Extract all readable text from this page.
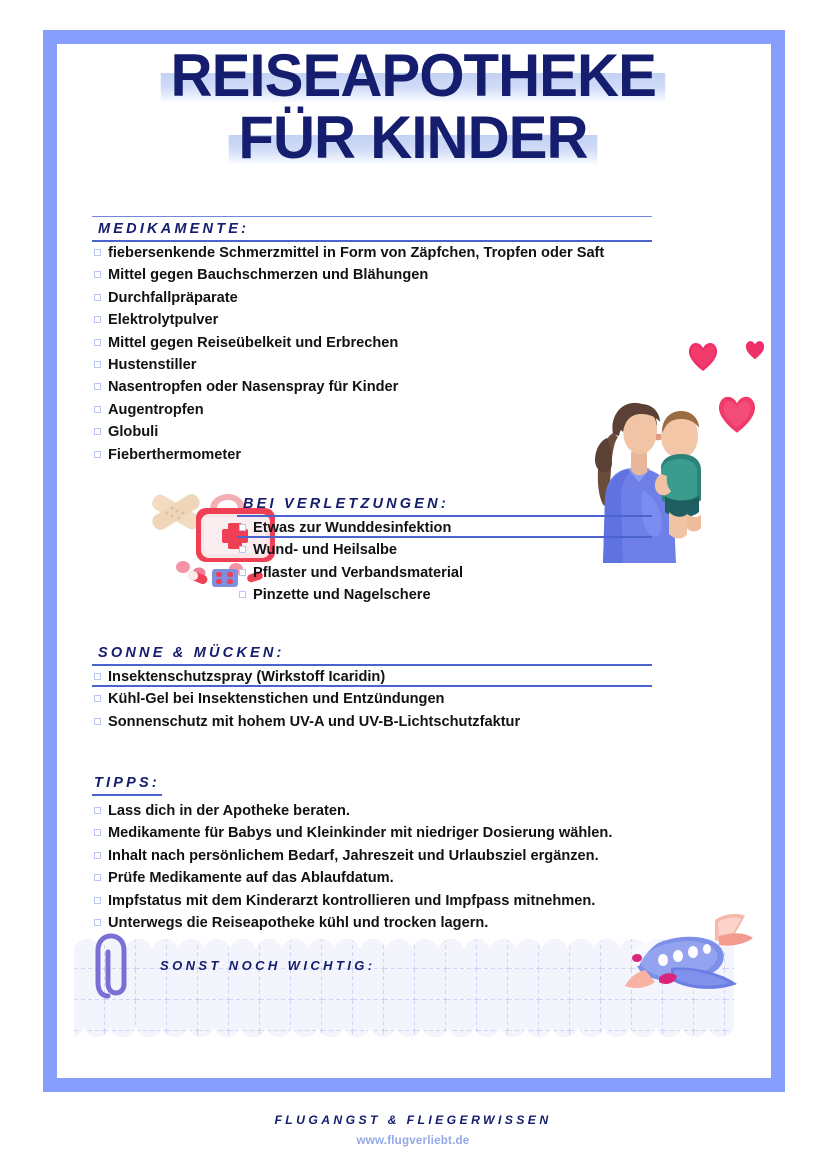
REISEAPOTHEKE

FÜR KINDER
MEDIKAMENTE:
fiebersenkende Schmerzmittel in Form von Zäpfchen, Tropfen oder Saft
Mittel gegen Bauchschmerzen und Blähungen
Durchfallpräparate
Elektrolytpulver
Mittel gegen Reiseübelkeit und Erbrechen
Hustenstiller
Nasentropfen oder Nasenspray für Kinder
Augentropfen
Globuli
Fieberthermometer
BEI VERLETZUNGEN:
Etwas zur Wunddesinfektion
Wund- und Heilsalbe
Pflaster und Verbandsmaterial
Pinzette und Nagelschere
SONNE & MÜCKEN:
Insektenschutzspray (Wirkstoff Icaridin)
Kühl-Gel bei Insektenstichen und Entzündungen
Sonnenschutz mit hohem UV-A und UV-B-Lichtschutzfaktur
TIPPS:
Lass dich in der Apotheke beraten.
Medikamente für Babys und Kleinkinder mit niedriger Dosierung wählen.
Inhalt nach persönlichem Bedarf, Jahreszeit und Urlaubsziel ergänzen.
Prüfe Medikamente auf das Ablaufdatum.
Impfstatus mit dem Kinderarzt kontrollieren und Impfpass mitnehmen.
Unterwegs die Reiseapotheke kühl und trocken lagern.
SONST NOCH WICHTIG:
FLUGANGST & FLIEGERWISSEN
www.flugverliebt.de
